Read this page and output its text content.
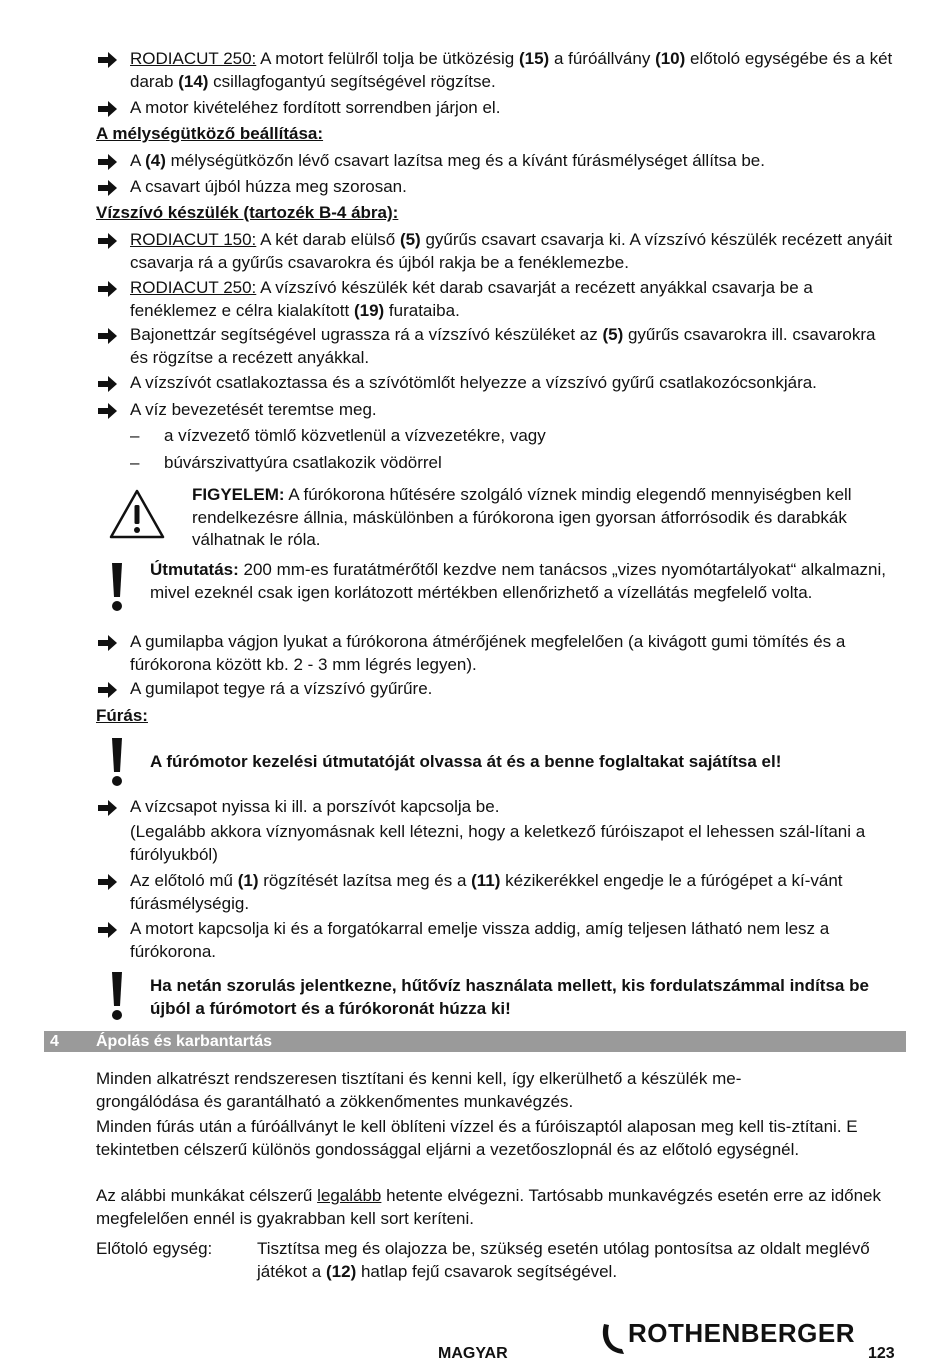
RODIACUT 250: A motort felülről tolja be ütközésig (15) a fúróállvány (10) előtoló egységébe és a két darab (14) csillagfogantyú segítségével rögzítse.
A motor kivételéhez fordított sorrendben járjon el.
A mélységütköző beállítása:
A (4) mélységütközőn lévő csavart lazítsa meg és a kívánt fúrásmélységet állítsa be.
A csavart újból húzza meg szorosan.
Vízszívó készülék (tartozék B-4 ábra):
RODIACUT 150: A két darab elülső (5) gyűrűs csavart csavarja ki. A vízszívó készülék recézett anyáit csavarja rá a gyűrűs csavarokra és újból rakja be a fenéklemezbe.
RODIACUT 250: A vízszívó készülék két darab csavarját a recézett anyákkal csavarja be a fenéklemez e célra kialakított (19) furataiba.
Bajonettzár segítségével ugrassza rá a vízszívó készüléket az (5) gyűrűs csavarokra ill. csavarokra és rögzítse a recézett anyákkal.
A vízszívót csatlakoztassa és a szívótömlőt helyezze a vízszívó gyűrű csatlakozócsonkjára.
A víz bevezetését teremtse meg.
– a vízvezető tömlő közvetlenül a vízvezetékre, vagy
– búvárszivattyúra csatlakozik vödörrel
FIGYELEM: A fúrókorona hűtésére szolgáló víznek mindig elegendő mennyiségben kell rendelkezésre állnia, máskülönben a fúrókorona igen gyorsan átforrósodik és darabkák válhatnak le róla.
Útmutatás: 200 mm-es furatátmérőtől kezdve nem tanácsos „vizes nyomótartályokat“ alkalmazni, mivel ezeknél csak igen korlátozott mértékben ellenőrizhető a vízellátás megfelelő volta.
A gumilapba vágjon lyukat a fúrókorona átmérőjének megfelelően (a kivágott gumi tömítés és a fúrókorona között kb. 2 - 3 mm légrés legyen).
A gumilapot tegye rá a vízszívó gyűrűre.
Fúrás:
A fúrómotor kezelési útmutatóját olvassa át és a benne foglaltakat sajátítsa el!
A vízcsapot nyissa ki ill. a porszívót kapcsolja be.
(Legalább akkora víznyomásnak kell létezni, hogy a keletkező fúróiszapot el lehessen szál-lítani a fúrólyukból)
Az előtoló mű (1) rögzítését lazítsa meg és a (11) kézikerékkel engedje le a fúrógépet a kí-vánt fúrásmélységig.
A motort kapcsolja ki és a forgatókarral emelje vissza addig, amíg teljesen látható nem lesz a fúrókorona.
Ha netán szorulás jelentkezne, hűtővíz használata mellett, kis fordulatszámmal indítsa be újból a fúrómotort és a fúrókoronát húzza ki!
4 Ápolás és karbantartás
Minden alkatrészt rendszeresen tisztítani és kenni kell, így elkerülhető a készülék me-grongálódása és garantálható a zökkenőmentes munkavégzés.
Minden fúrás után a fúróállványt le kell öblíteni vízzel és a fúróiszaptól alaposan meg kell tis-ztítani. E tekintetben célszerű különös gondossággal eljárni a vezetőoszlopnál és az előtoló egységnél.
Az alábbi munkákat célszerű legalább hetente elvégezni. Tartósabb munkavégzés esetén erre az időnek megfelelően ennél is gyakrabban kell sort keríteni.
Előtoló egység:	Tisztítsa meg és olajozza be, szükség esetén utólag pontosítsa az oldalt meglévő játékot a (12) hatlap fejű csavarok segítségével.
MAGYAR
ROTHENBERGER
123
